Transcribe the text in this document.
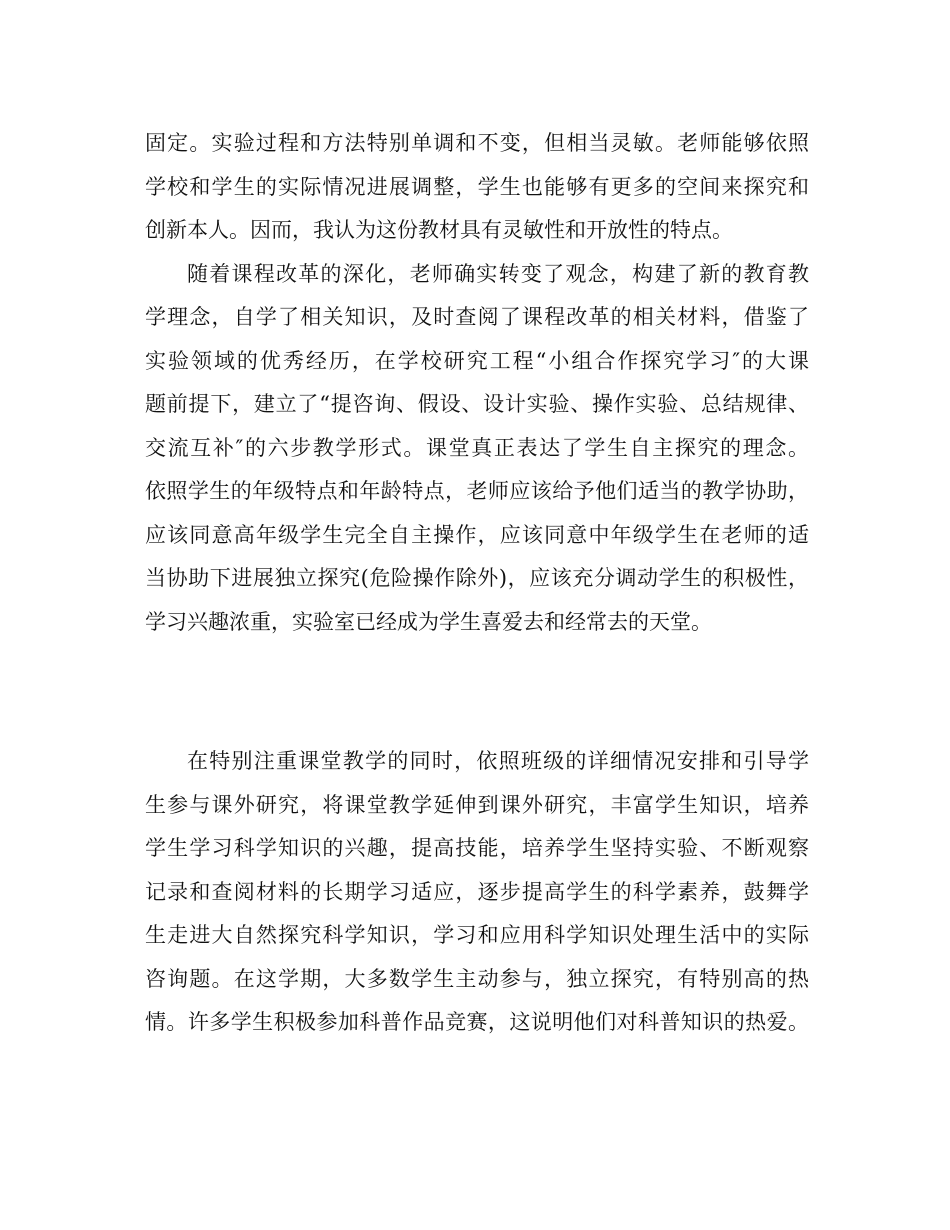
固定。实验过程和方法特别单调和不变，但相当灵敏。老师能够依照
学校和学生的实际情况进展调整，学生也能够有更多的空间来探究和
创新本人。因而，我认为这份教材具有灵敏性和开放性的特点。
随着课程改革的深化，老师确实转变了观念，构建了新的教育教
学理念，自学了相关知识，及时查阅了课程改革的相关材料，借鉴了
实验领域的优秀经历，在学校研究工程“小组合作探究学习″的大课
题前提下，建立了“提咨询、假设、设计实验、操作实验、总结规律、
交流互补″的六步教学形式。课堂真正表达了学生自主探究的理念。
依照学生的年级特点和年龄特点，老师应该给予他们适当的教学协助，
应该同意高年级学生完全自主操作，应该同意中年级学生在老师的适
当协助下进展独立探究(危险操作除外)，应该充分调动学生的积极性，
学习兴趣浓重，实验室已经成为学生喜爱去和经常去的天堂。
在特别注重课堂教学的同时，依照班级的详细情况安排和引导学
生参与课外研究，将课堂教学延伸到课外研究，丰富学生知识，培养
学生学习科学知识的兴趣，提高技能，培养学生坚持实验、不断观察
记录和查阅材料的长期学习适应，逐步提高学生的科学素养，鼓舞学
生走进大自然探究科学知识，学习和应用科学知识处理生活中的实际
咨询题。在这学期，大多数学生主动参与，独立探究，有特别高的热
情。许多学生积极参加科普作品竞赛，这说明他们对科普知识的热爱。
